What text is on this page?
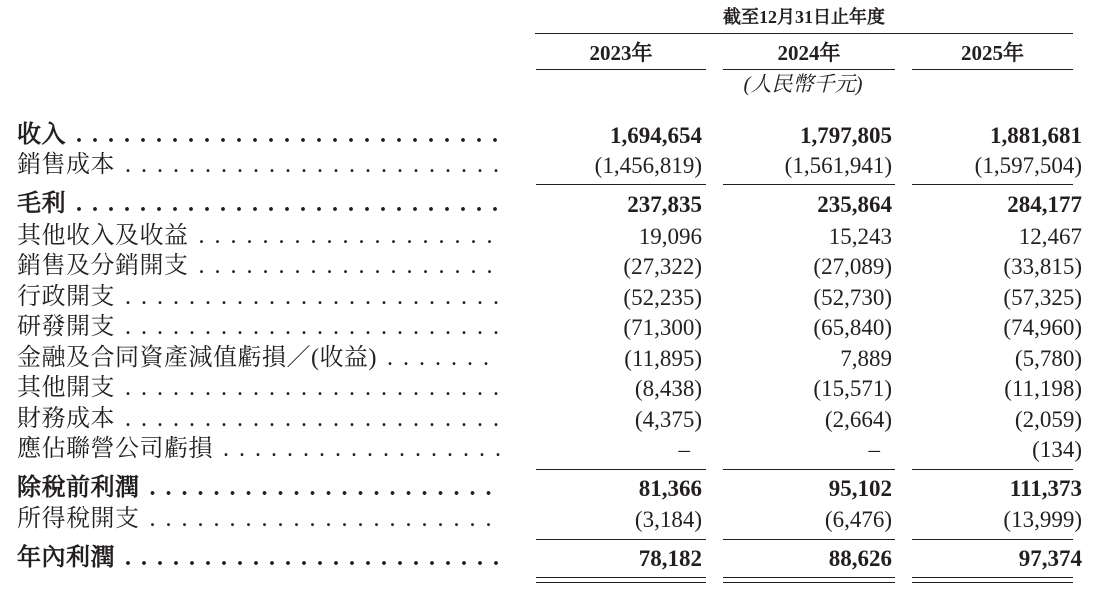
截至12月31日止年度
2023年	2024年	2025年
(人民幣千元)
收入 . . .	1,694,654	1,797,805	1,881,681
銷售成本 . . .	(1,456,819)	(1,561,941)	(1,597,504)
毛利 . . .	237,835	235,864	284,177
其他收入及收益 . . .	19,096	15,243	12,467
銷售及分銷開支 . . .	(27,322)	(27,089)	(33,815)
行政開支 . . .	(52,235)	(52,730)	(57,325)
研發開支 . . .	(71,300)	(65,840)	(74,960)
金融及合同資產減值虧損／(收益) . . .	(11,895)	7,889	(5,780)
其他開支 . . .	(8,438)	(15,571)	(11,198)
財務成本 . . .	(4,375)	(2,664)	(2,059)
應佔聯營公司虧損 . . .	–	–	(134)
除稅前利潤 . . .	81,366	95,102	111,373
所得稅開支 . . .	(3,184)	(6,476)	(13,999)
年內利潤 . . .	78,182	88,626	97,374
